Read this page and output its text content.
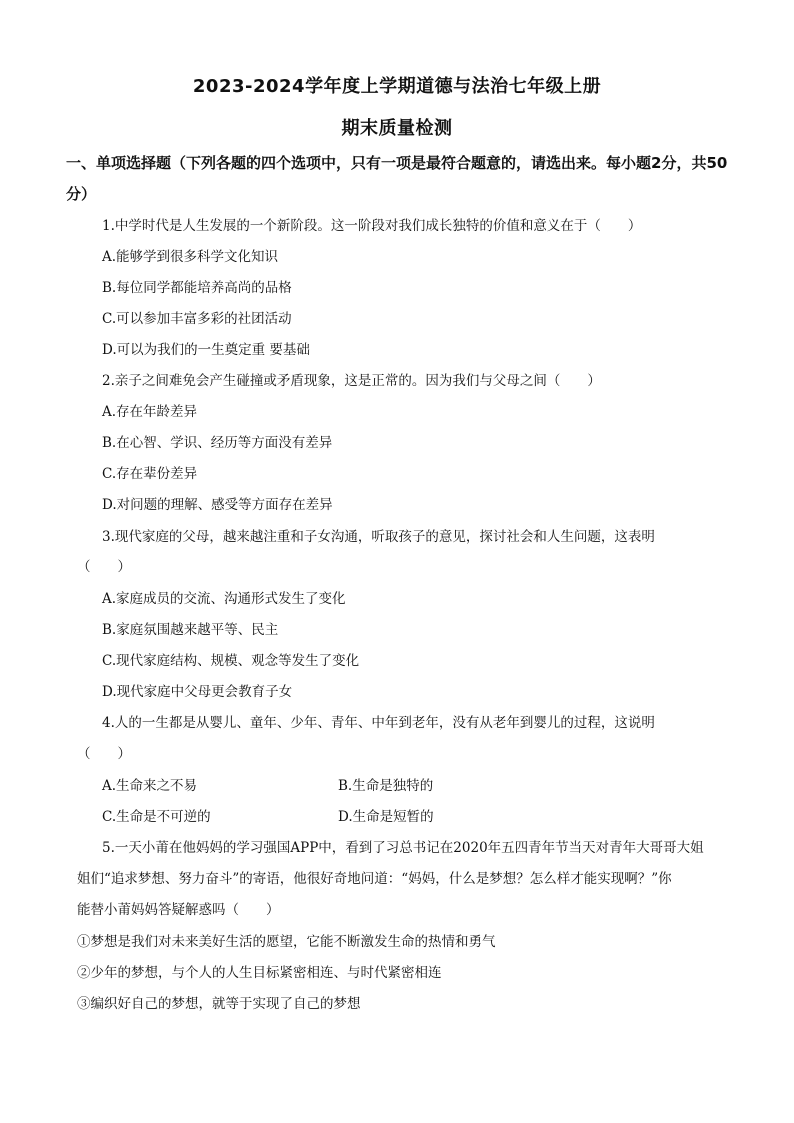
2023-2024学年度上学期道德与法治七年级上册
期末质量检测
一、单项选择题（下列各题的四个选项中，只有一项是最符合题意的，请选出来。每小题2分，共50分）
1.中学时代是人生发展的一个新阶段。这一阶段对我们成长独特的价值和意义在于（　　）
A.能够学到很多科学文化知识
B.每位同学都能培养高尚的品格
C.可以参加丰富多彩的社团活动
D.可以为我们的一生奠定重 要基础
2.亲子之间难免会产生碰撞或矛盾现象，这是正常的。因为我们与父母之间（　　）
A.存在年龄差异
B.在心智、学识、经历等方面没有差异
C.存在辈份差异
D.对问题的理解、感受等方面存在差异
3.现代家庭的父母，越来越注重和子女沟通，听取孩子的意见，探讨社会和人生问题，这表明
（　　）
A.家庭成员的交流、沟通形式发生了变化
B.家庭氛围越来越平等、民主
C.现代家庭结构、规模、观念等发生了变化
D.现代家庭中父母更会教育子女
4.人的一生都是从婴儿、童年、少年、青年、中年到老年，没有从老年到婴儿的过程，这说明
（　　）
A.生命来之不易	B.生命是独特的
C.生命是不可逆的	D.生命是短暂的
5.一天小莆在他妈妈的学习强国APP中，看到了习总书记在2020年五四青年节当天对青年大哥哥大姐
姐们“追求梦想、努力奋斗”的寄语，他很好奇地问道：“妈妈，什么是梦想？怎么样才能实现啊？”你
能替小莆妈妈答疑解惑吗（　　）
①梦想是我们对未来美好生活的愿望，它能不断激发生命的热情和勇气
②少年的梦想，与个人的人生目标紧密相连、与时代紧密相连
③编织好自己的梦想，就等于实现了自己的梦想
